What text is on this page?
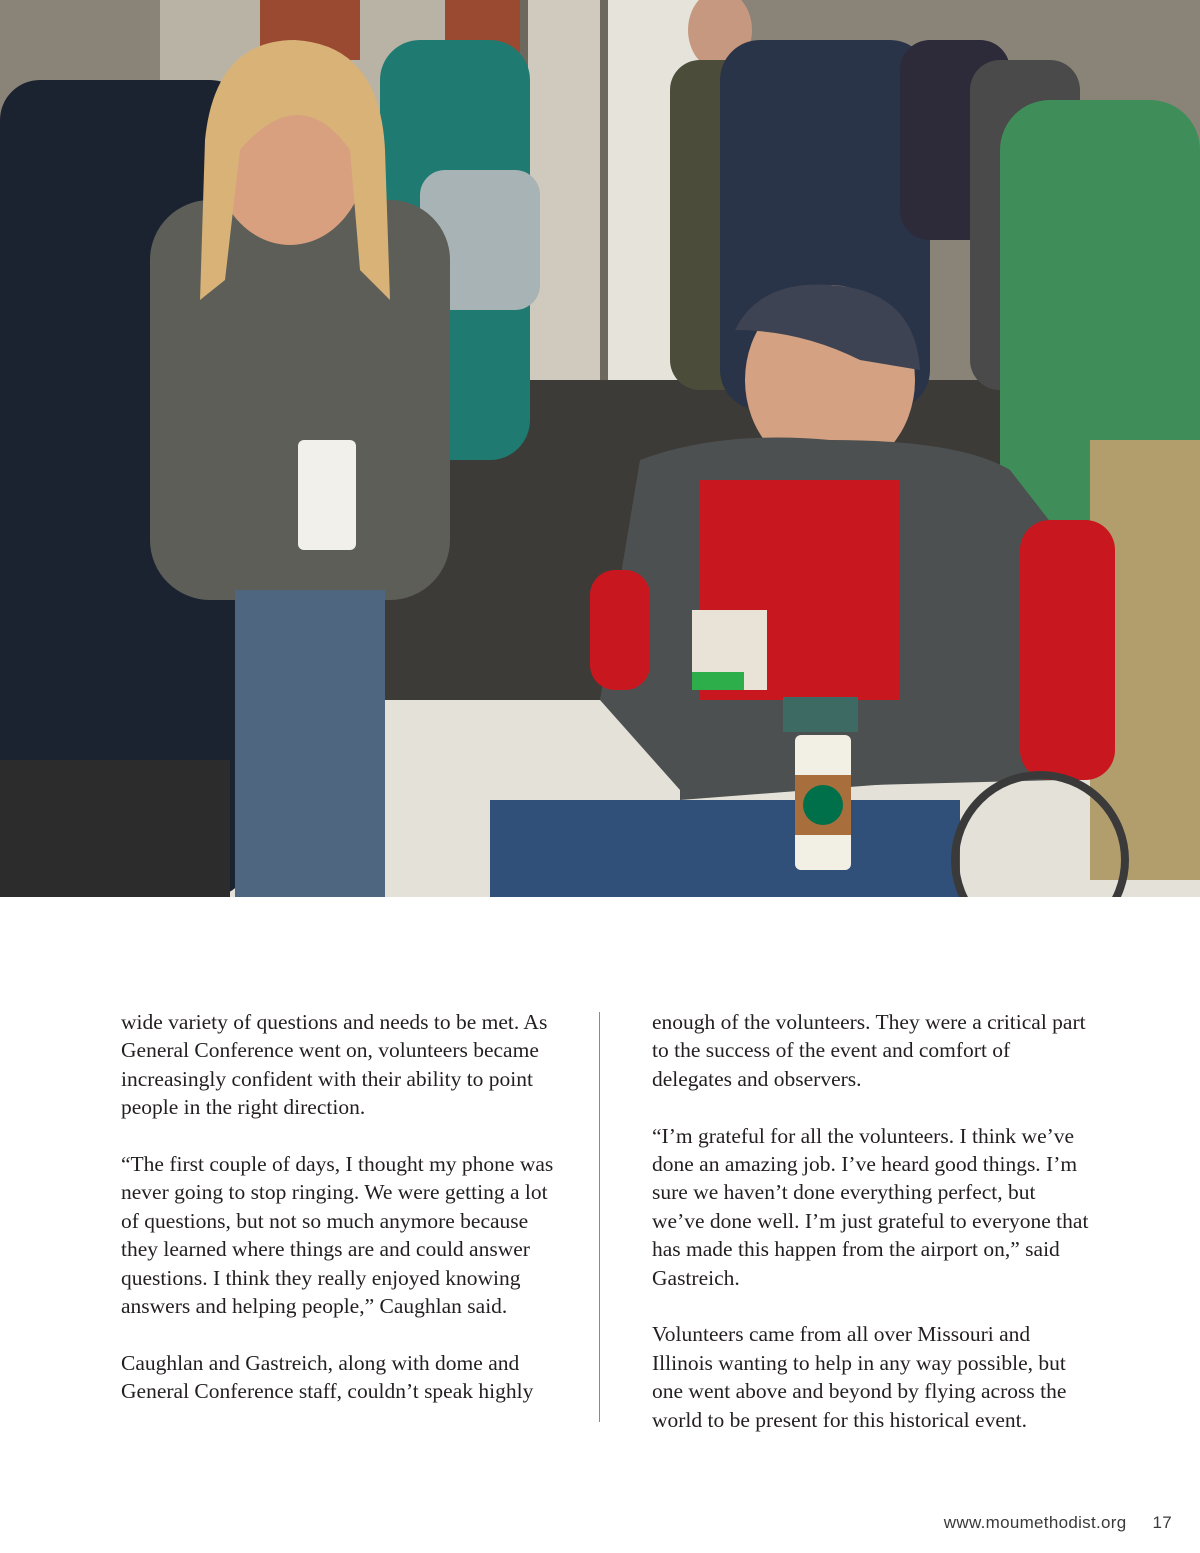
wide variety of questions and needs to be met. As General Conference went on, volunteers became increasingly confident with their ability to point people in the right direction.

“The first couple of days, I thought my phone was never going to stop ringing. We were getting a lot of questions, but not so much anymore because they learned where things are and could answer questions. I think they really enjoyed knowing answers and helping people,” Caughlan said.

Caughlan and Gastreich, along with dome and General Conference staff, couldn’t speak highly

enough of the volunteers. They were a critical part to the success of the event and comfort of delegates and observers.

“I’m grateful for all the volunteers. I think we’ve done an amazing job. I’ve heard good things. I’m sure we haven’t done everything perfect, but we’ve done well. I’m just grateful to everyone that has made this happen from the airport on,” said Gastreich.

Volunteers came from all over Missouri and Illinois wanting to help in any way possible, but one went above and beyond by flying across the world to be present for this historical event.

www.moumethodist.org 17
